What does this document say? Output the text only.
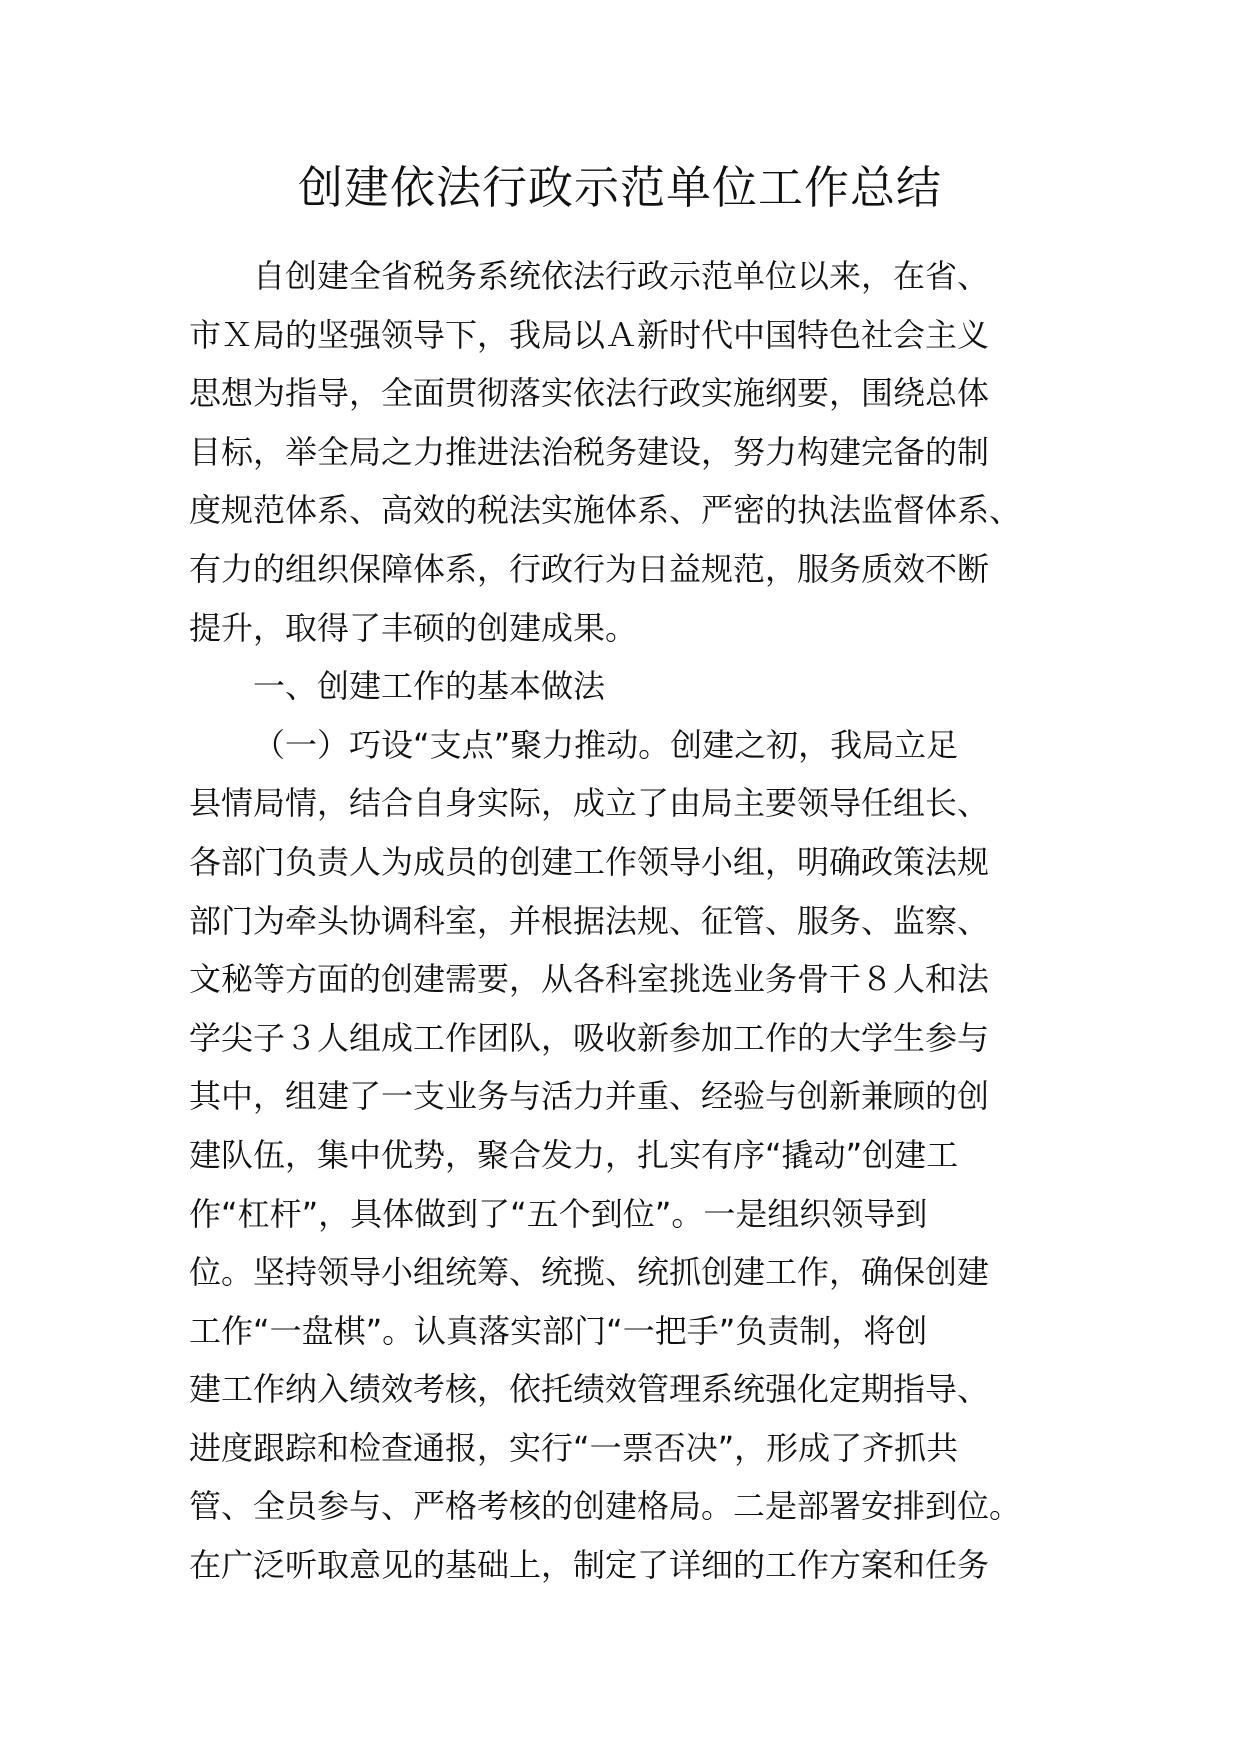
创建依法行政示范单位工作总结
自创建全省税务系统依法行政示范单位以来，在省、
市Ｘ局的坚强领导下，我局以Ａ新时代中国特色社会主义
思想为指导，全面贯彻落实依法行政实施纲要，围绕总体
目标，举全局之力推进法治税务建设，努力构建完备的制
度规范体系、高效的税法实施体系、严密的执法监督体系、
有力的组织保障体系，行政行为日益规范，服务质效不断
提升，取得了丰硕的创建成果。
一、创建工作的基本做法
（一）巧设“支点”聚力推动。创建之初，我局立足
县情局情，结合自身实际，成立了由局主要领导任组长、
各部门负责人为成员的创建工作领导小组，明确政策法规
部门为牵头协调科室，并根据法规、征管、服务、监察、
文秘等方面的创建需要，从各科室挑选业务骨干８人和法
学尖子３人组成工作团队，吸收新参加工作的大学生参与
其中，组建了一支业务与活力并重、经验与创新兼顾的创
建队伍，集中优势，聚合发力，扎实有序“撬动”创建工
作“杠杆”，具体做到了“五个到位”。一是组织领导到
位。坚持领导小组统筹、统揽、统抓创建工作，确保创建
工作“一盘棋”。认真落实部门“一把手”负责制，将创
建工作纳入绩效考核，依托绩效管理系统强化定期指导、
进度跟踪和检查通报，实行“一票否决”，形成了齐抓共
管、全员参与、严格考核的创建格局。二是部署安排到位。
在广泛听取意见的基础上，制定了详细的工作方案和任务
